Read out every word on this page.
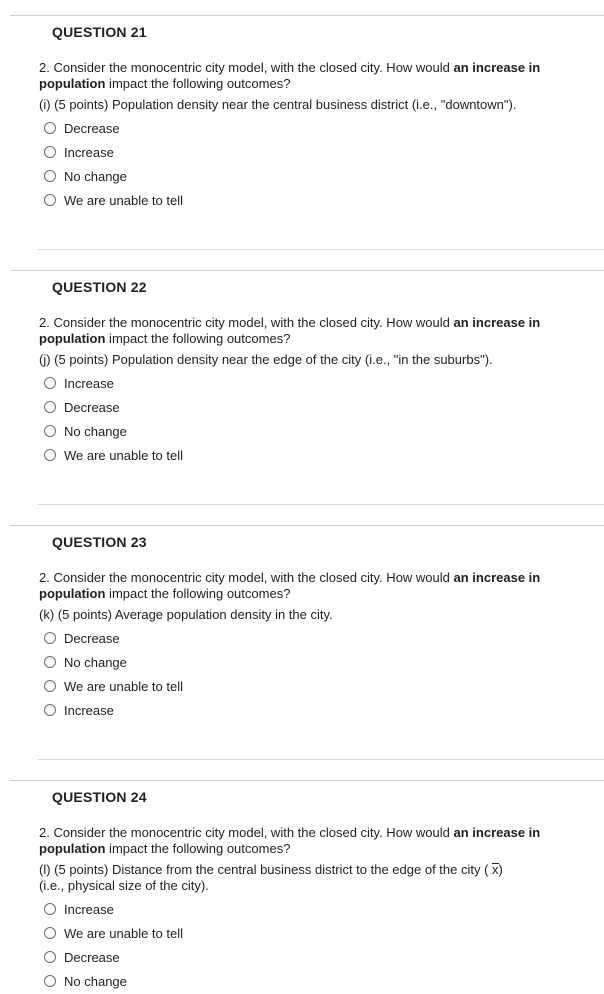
QUESTION 21
2. Consider the monocentric city model, with the closed city. How would an increase in
population impact the following outcomes?
(i) (5 points) Population density near the central business district (i.e., "downtown").
Decrease
Increase
No change
We are unable to tell
QUESTION 22
2. Consider the monocentric city model, with the closed city. How would an increase in
population impact the following outcomes?
(j) (5 points) Population density near the edge of the city (i.e., "in the suburbs").
Increase
Decrease
No change
We are unable to tell
QUESTION 23
2. Consider the monocentric city model, with the closed city. How would an increase in
population impact the following outcomes?
(k) (5 points) Average population density in the city.
Decrease
No change
We are unable to tell
Increase
QUESTION 24
2. Consider the monocentric city model, with the closed city. How would an increase in
population impact the following outcomes?
(l) (5 points) Distance from the central business district to the edge of the city ( x)
(i.e., physical size of the city).
Increase
We are unable to tell
Decrease
No change
